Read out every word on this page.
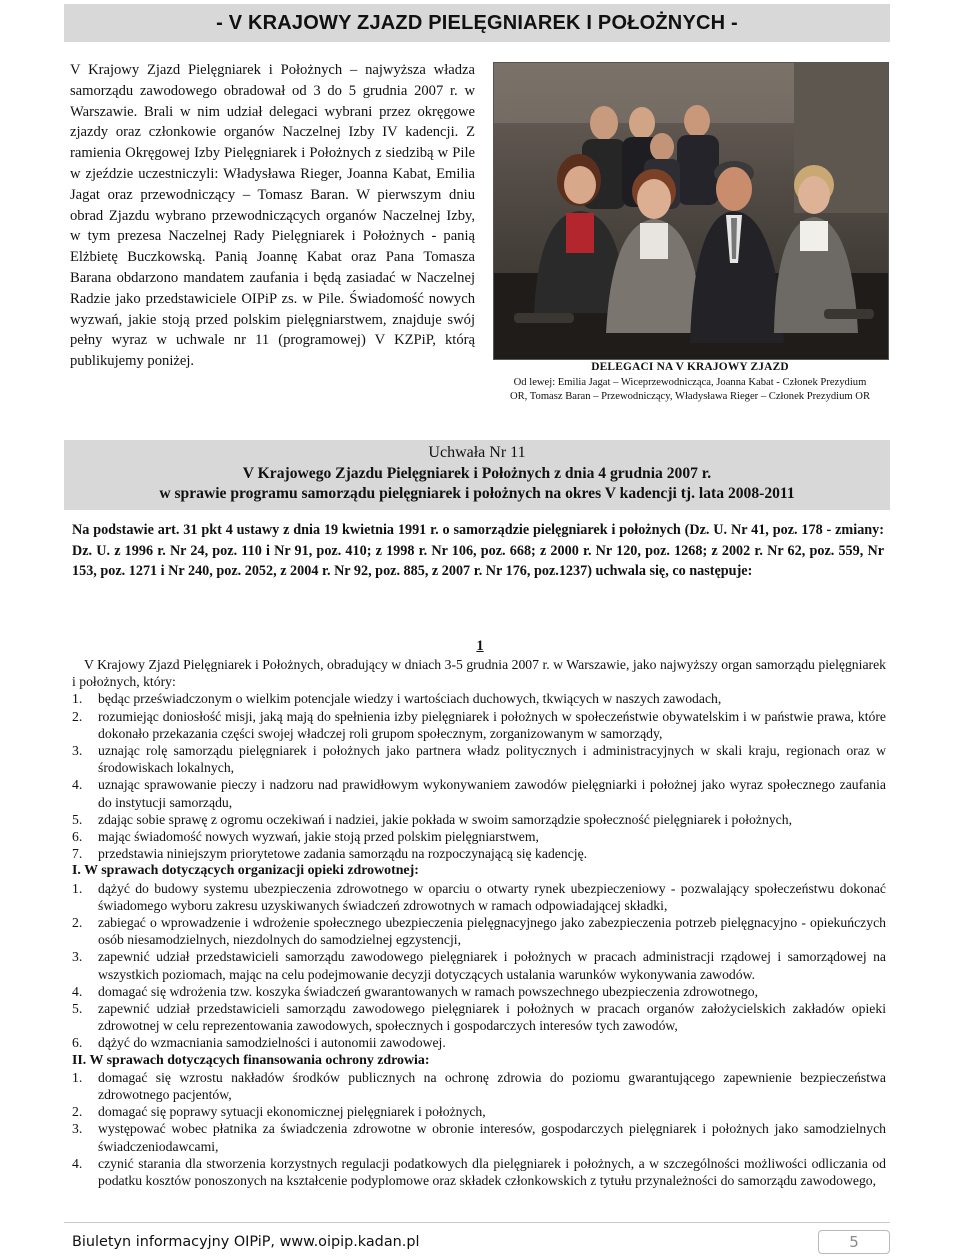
- V KRAJOWY ZJAZD PIELĘGNIAREK I POŁOŻNYCH -

V Krajowy Zjazd Pielęgniarek i Położnych – najwyższa władza samorządu zawodowego obradował od 3 do 5 grudnia 2007 r. w Warszawie. Brali w nim udział delegaci wybrani przez okręgowe zjazdy oraz członkowie organów Naczelnej Izby IV kadencji. Z ramienia Okręgowej Izby Pielęgniarek i Położnych z siedzibą w Pile w zjeździe uczestniczyli: Władysława Rieger, Joanna Kabat, Emilia Jagat oraz przewodniczący – Tomasz Baran. W pierwszym dniu obrad Zjazdu wybrano przewodniczących organów Naczelnej Izby, w tym prezesa Naczelnej Rady Pielęgniarek i Położnych - panią Elżbietę Buczkowską. Panią Joannę Kabat oraz Pana Tomasza Barana obdarzono mandatem zaufania i będą zasiadać w Naczelnej Radzie jako przedstawiciele OIPiP zs. w Pile. Świadomość nowych wyzwań, jakie stoją przed polskim pielęgniarstwem, znajduje swój pełny wyraz w uchwale nr 11 (programowej) V KZPiP, którą publikujemy poniżej.	DELEGACI NA V KRAJOWY ZJAZD
Od lewej: Emilia Jagat – Wiceprzewodnicząca, Joanna Kabat - Członek Prezydium
OR, Tomasz Baran – Przewodniczący, Władysława Rieger – Członek Prezydium OR
Uchwała Nr 11
V Krajowego Zjazdu Pielęgniarek i Położnych z dnia 4 grudnia 2007 r.
w sprawie programu samorządu pielęgniarek i położnych na okres V kadencji tj. lata 2008-2011

Na podstawie art. 31 pkt 4 ustawy z dnia 19 kwietnia 1991 r. o samorządzie pielęgniarek i położnych (Dz. U. Nr 41, poz. 178 - zmiany: Dz. U. z 1996 r. Nr 24, poz. 110 i Nr 91, poz. 410; z 1998 r. Nr 106, poz. 668; z 2000 r. Nr 120, poz. 1268; z 2002 r. Nr 62, poz. 559, Nr 153, poz. 1271 i Nr 240, poz. 2052, z 2004 r. Nr 92, poz. 885, z 2007 r. Nr 176, poz.1237) uchwala się, co następuje:

1

V Krajowy Zjazd Pielęgniarek i Położnych, obradujący w dniach 3-5 grudnia 2007 r. w Warszawie, jako najwyższy organ samorządu pielęgniarek i położnych, który:

1. będąc przeświadczonym o wielkim potencjale wiedzy i wartościach duchowych, tkwiących w naszych zawodach,
2. rozumiejąc doniosłość misji, jaką mają do spełnienia izby pielęgniarek i położnych w społeczeństwie obywatelskim i w państwie prawa, które dokonało przekazania części swojej władczej roli grupom społecznym, zorganizowanym w samorządy,
3. uznając rolę samorządu pielęgniarek i położnych jako partnera władz politycznych i administracyjnych w skali kraju, regionach oraz w środowiskach lokalnych,
4. uznając sprawowanie pieczy i nadzoru nad prawidłowym wykonywaniem zawodów pielęgniarki i położnej jako wyraz społecznego zaufania do instytucji samorządu,
5. zdając sobie sprawę z ogromu oczekiwań i nadziei, jakie pokłada w swoim samorządzie społeczność pielęgniarek i położnych,
6. mając świadomość nowych wyzwań, jakie stoją przed polskim pielęgniarstwem,
7. przedstawia niniejszym priorytetowe zadania samorządu na rozpoczynającą się kadencję.
I. W sprawach dotyczących organizacji opieki zdrowotnej:
1. dążyć do budowy systemu ubezpieczenia zdrowotnego w oparciu o otwarty rynek ubezpieczeniowy - pozwalający społeczeństwu dokonać świadomego wyboru zakresu uzyskiwanych świadczeń zdrowotnych w ramach odpowiadającej składki,
2. zabiegać o wprowadzenie i wdrożenie społecznego ubezpieczenia pielęgnacyjnego jako zabezpieczenia potrzeb pielęgnacyjno - opiekuńczych osób niesamodzielnych, niezdolnych do samodzielnej egzystencji,
3. zapewnić udział przedstawicieli samorządu zawodowego pielęgniarek i położnych w pracach administracji rządowej i samorządowej na wszystkich poziomach, mając na celu podejmowanie decyzji dotyczących ustalania warunków wykonywania zawodów.
4. domagać się wdrożenia tzw. koszyka świadczeń gwarantowanych w ramach powszechnego ubezpieczenia zdrowotnego,
5. zapewnić udział przedstawicieli samorządu zawodowego pielęgniarek i położnych w pracach organów założycielskich zakładów opieki zdrowotnej w celu reprezentowania zawodowych, społecznych i gospodarczych interesów tych zawodów,
6. dążyć do wzmacniania samodzielności i autonomii zawodowej.
II. W sprawach dotyczących finansowania ochrony zdrowia:
1. domagać się wzrostu nakładów środków publicznych na ochronę zdrowia do poziomu gwarantującego zapewnienie bezpieczeństwa zdrowotnego pacjentów,
2. domagać się poprawy sytuacji ekonomicznej pielęgniarek i położnych,
3. występować wobec płatnika za świadczenia zdrowotne w obronie interesów, gospodarczych pielęgniarek i położnych jako samodzielnych świadczeniodawcami,
4. czynić starania dla stworzenia korzystnych regulacji podatkowych dla pielęgniarek i położnych, a w szczególności możliwości odliczania od podatku kosztów ponoszonych na kształcenie podyplomowe oraz składek członkowskich z tytułu przynależności do samorządu zawodowego,
Biuletyn informacyjny OIPiP, www.oipip.kadan.pl	5
